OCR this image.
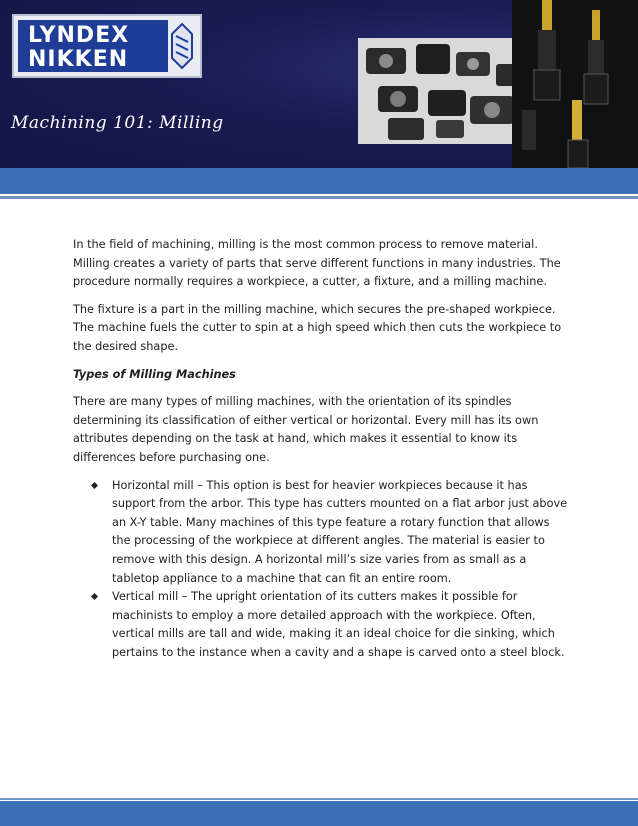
LYNDEX
NIKKEN
Machining 101: Milling

In the field of machining, milling is the most common process to remove material. Milling creates a variety of parts that serve different functions in many industries. The procedure normally requires a workpiece, a cutter, a fixture, and a milling machine.

The fixture is a part in the milling machine, which secures the pre-shaped workpiece. The machine fuels the cutter to spin at a high speed which then cuts the workpiece to the desired shape.

Types of Milling Machines

There are many types of milling machines, with the orientation of its spindles determining its classification of either vertical or horizontal. Every mill has its own attributes depending on the task at hand, which makes it essential to know its differences before purchasing one.

Horizontal mill – This option is best for heavier workpieces because it has support from the arbor. This type has cutters mounted on a flat arbor just above an X-Y table. Many machines of this type feature a rotary function that allows the processing of the workpiece at different angles. The material is easier to remove with this design. A horizontal mill’s size varies from as small as a tabletop appliance to a machine that can fit an entire room.
Vertical mill – The upright orientation of its cutters makes it possible for machinists to employ a more detailed approach with the workpiece. Often, vertical mills are tall and wide, making it an ideal choice for die sinking, which pertains to the instance when a cavity and a shape is carved onto a steel block.
